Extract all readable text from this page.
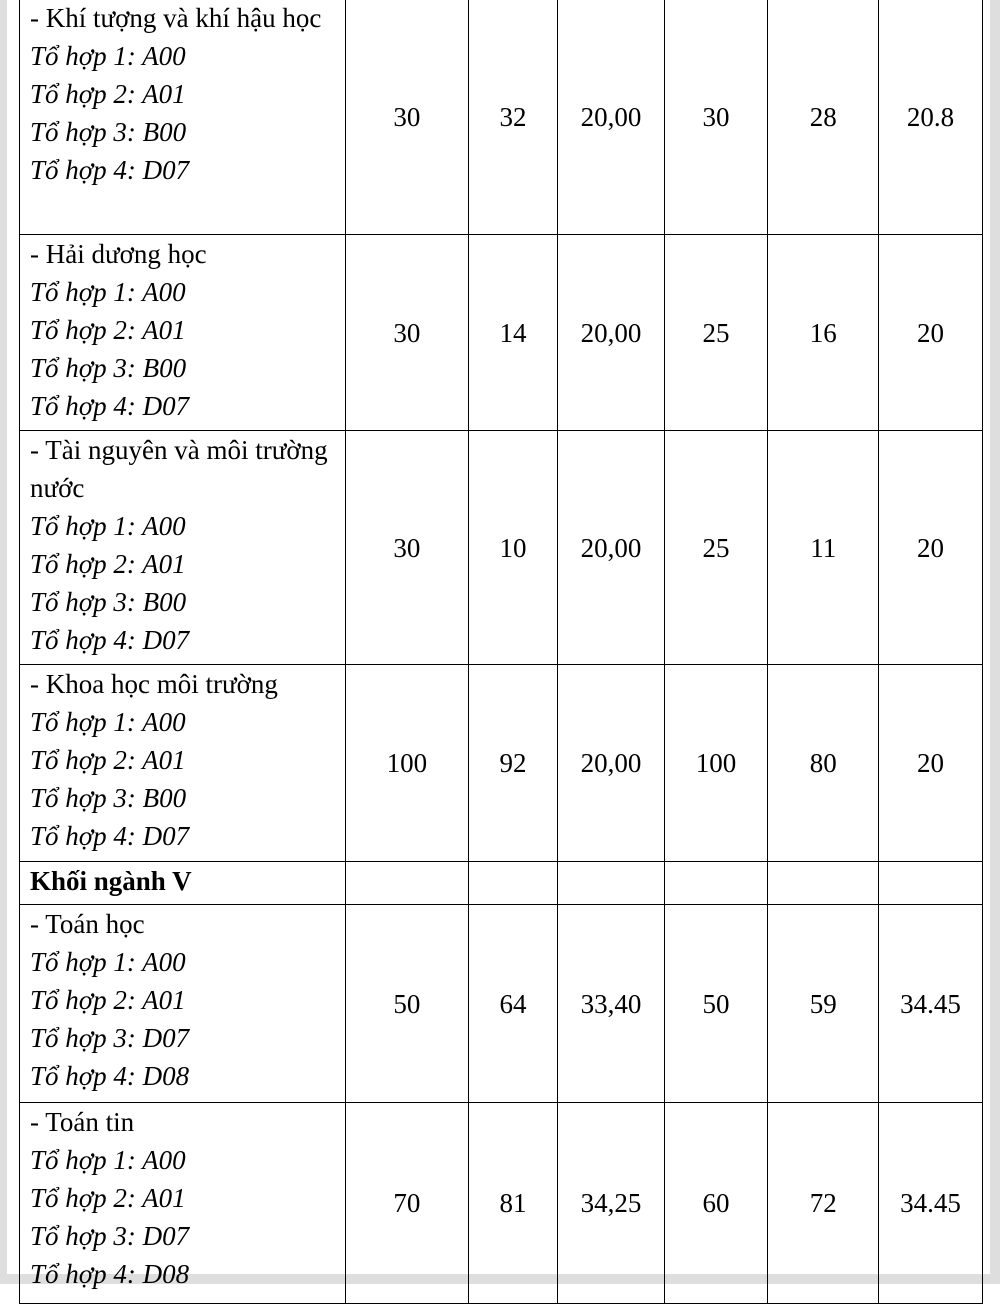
- Khí tượng và khí hậu học
Tổ hợp 1: A00
Tổ hợp 2: A01
Tổ hợp 3: B00
Tổ hợp 4: D07	30	32	20,00	30	28	20.8

- Hải dương học
Tổ hợp 1: A00
Tổ hợp 2: A01
Tổ hợp 3: B00
Tổ hợp 4: D07	30	14	20,00	25	16	20

- Tài nguyên và môi trường nước
Tổ hợp 1: A00
Tổ hợp 2: A01
Tổ hợp 3: B00
Tổ hợp 4: D07	30	10	20,00	25	11	20

- Khoa học môi trường
Tổ hợp 1: A00
Tổ hợp 2: A01
Tổ hợp 3: B00
Tổ hợp 4: D07	100	92	20,00	100	80	20
Khối ngành V						

- Toán học
Tổ hợp 1: A00
Tổ hợp 2: A01
Tổ hợp 3: D07
Tổ hợp 4: D08	50	64	33,40	50	59	34.45

- Toán tin
Tổ hợp 1: A00
Tổ hợp 2: A01
Tổ hợp 3: D07
Tổ hợp 4: D08	70	81	34,25	60	72	34.45
